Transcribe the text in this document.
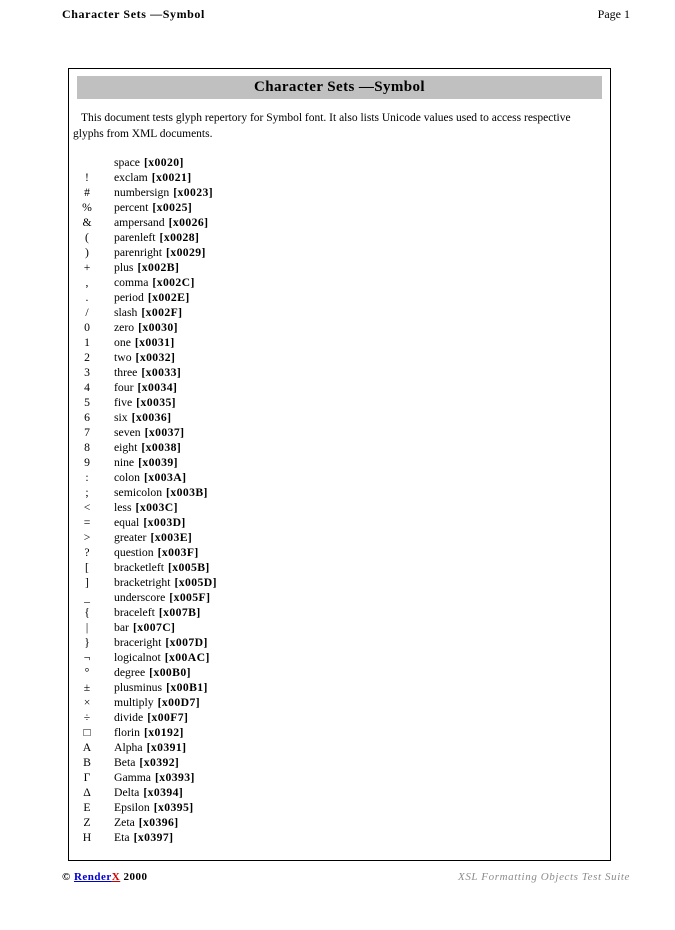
Character Sets —Symbol	Page 1
Character Sets —Symbol

This document tests glyph repertory for Symbol font. It also lists Unicode values used to access respective glyphs from XML documents.

space [x0020]
! exclam [x0021]
# numbersign [x0023]
% percent [x0025]
& ampersand [x0026]
( parenleft [x0028]
) parenright [x0029]
+ plus [x002B]
, comma [x002C]
. period [x002E]
/ slash [x002F]
0 zero [x0030]
1 one [x0031]
2 two [x0032]
3 three [x0033]
4 four [x0034]
5 five [x0035]
6 six [x0036]
7 seven [x0037]
8 eight [x0038]
9 nine [x0039]
: colon [x003A]
; semicolon [x003B]
< less [x003C]
= equal [x003D]
> greater [x003E]
? question [x003F]
[ bracketleft [x005B]
] bracketright [x005D]
_ underscore [x005F]
{ braceleft [x007B]
| bar [x007C]
} braceright [x007D]
¬ logicalnot [x00AC]
° degree [x00B0]
± plusminus [x00B1]
× multiply [x00D7]
÷ divide [x00F7]
□ florin [x0192]
Α Alpha [x0391]
Β Beta [x0392]
Γ Gamma [x0393]
Δ Delta [x0394]
Ε Epsilon [x0395]
Ζ Zeta [x0396]
Η Eta [x0397]
© RenderX 2000	XSL Formatting Objects Test Suite
